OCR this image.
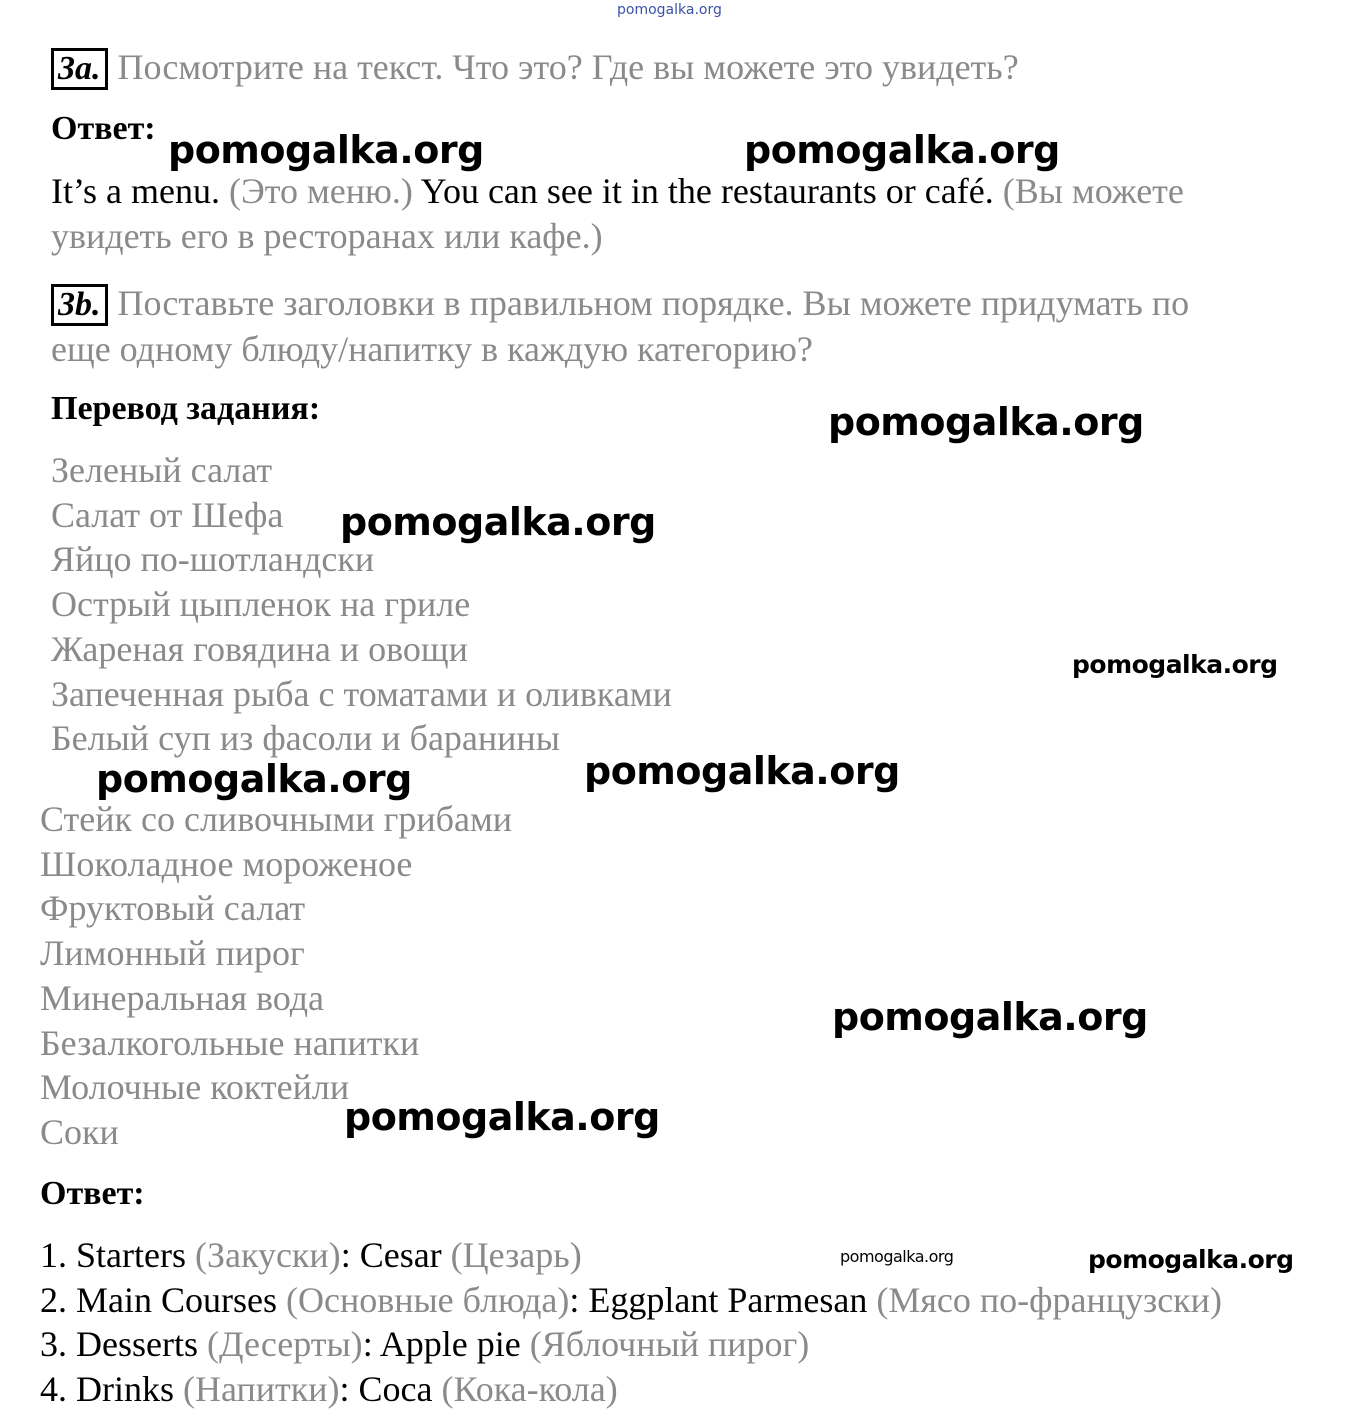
pomogalka.org
3a. Посмотрите на текст. Что это? Где вы можете это увидеть?
Ответ:
It’s a menu. (Это меню.) You can see it in the restaurants or café. (Вы можете
увидеть его в ресторанах или кафе.)
3b. Поставьте заголовки в правильном порядке. Вы можете придумать по
еще одному блюду/напитку в каждую категорию?
Перевод задания:
Зеленый салат
Салат от Шефа
Яйцо по-шотландски
Острый цыпленок на гриле
Жареная говядина и овощи
Запеченная рыба с томатами и оливками
Белый суп из фасоли и баранины
Стейк со сливочными грибами
Шоколадное мороженое
Фруктовый салат
Лимонный пирог
Минеральная вода
Безалкогольные напитки
Молочные коктейли
Соки
Ответ:
1. Starters (Закуски): Cesar (Цезарь)
2. Main Courses (Основные блюда): Eggplant Parmesan (Мясо по-французски)
3. Desserts (Десерты): Apple pie (Яблочный пирог)
4. Drinks (Напитки): Coca (Кока-кола)
pomogalka.org	pomogalka.org
pomogalka.org
pomogalka.org
pomogalka.org
pomogalka.org	pomogalka.org
pomogalka.org
pomogalka.org
pomogalka.org	pomogalka.org
